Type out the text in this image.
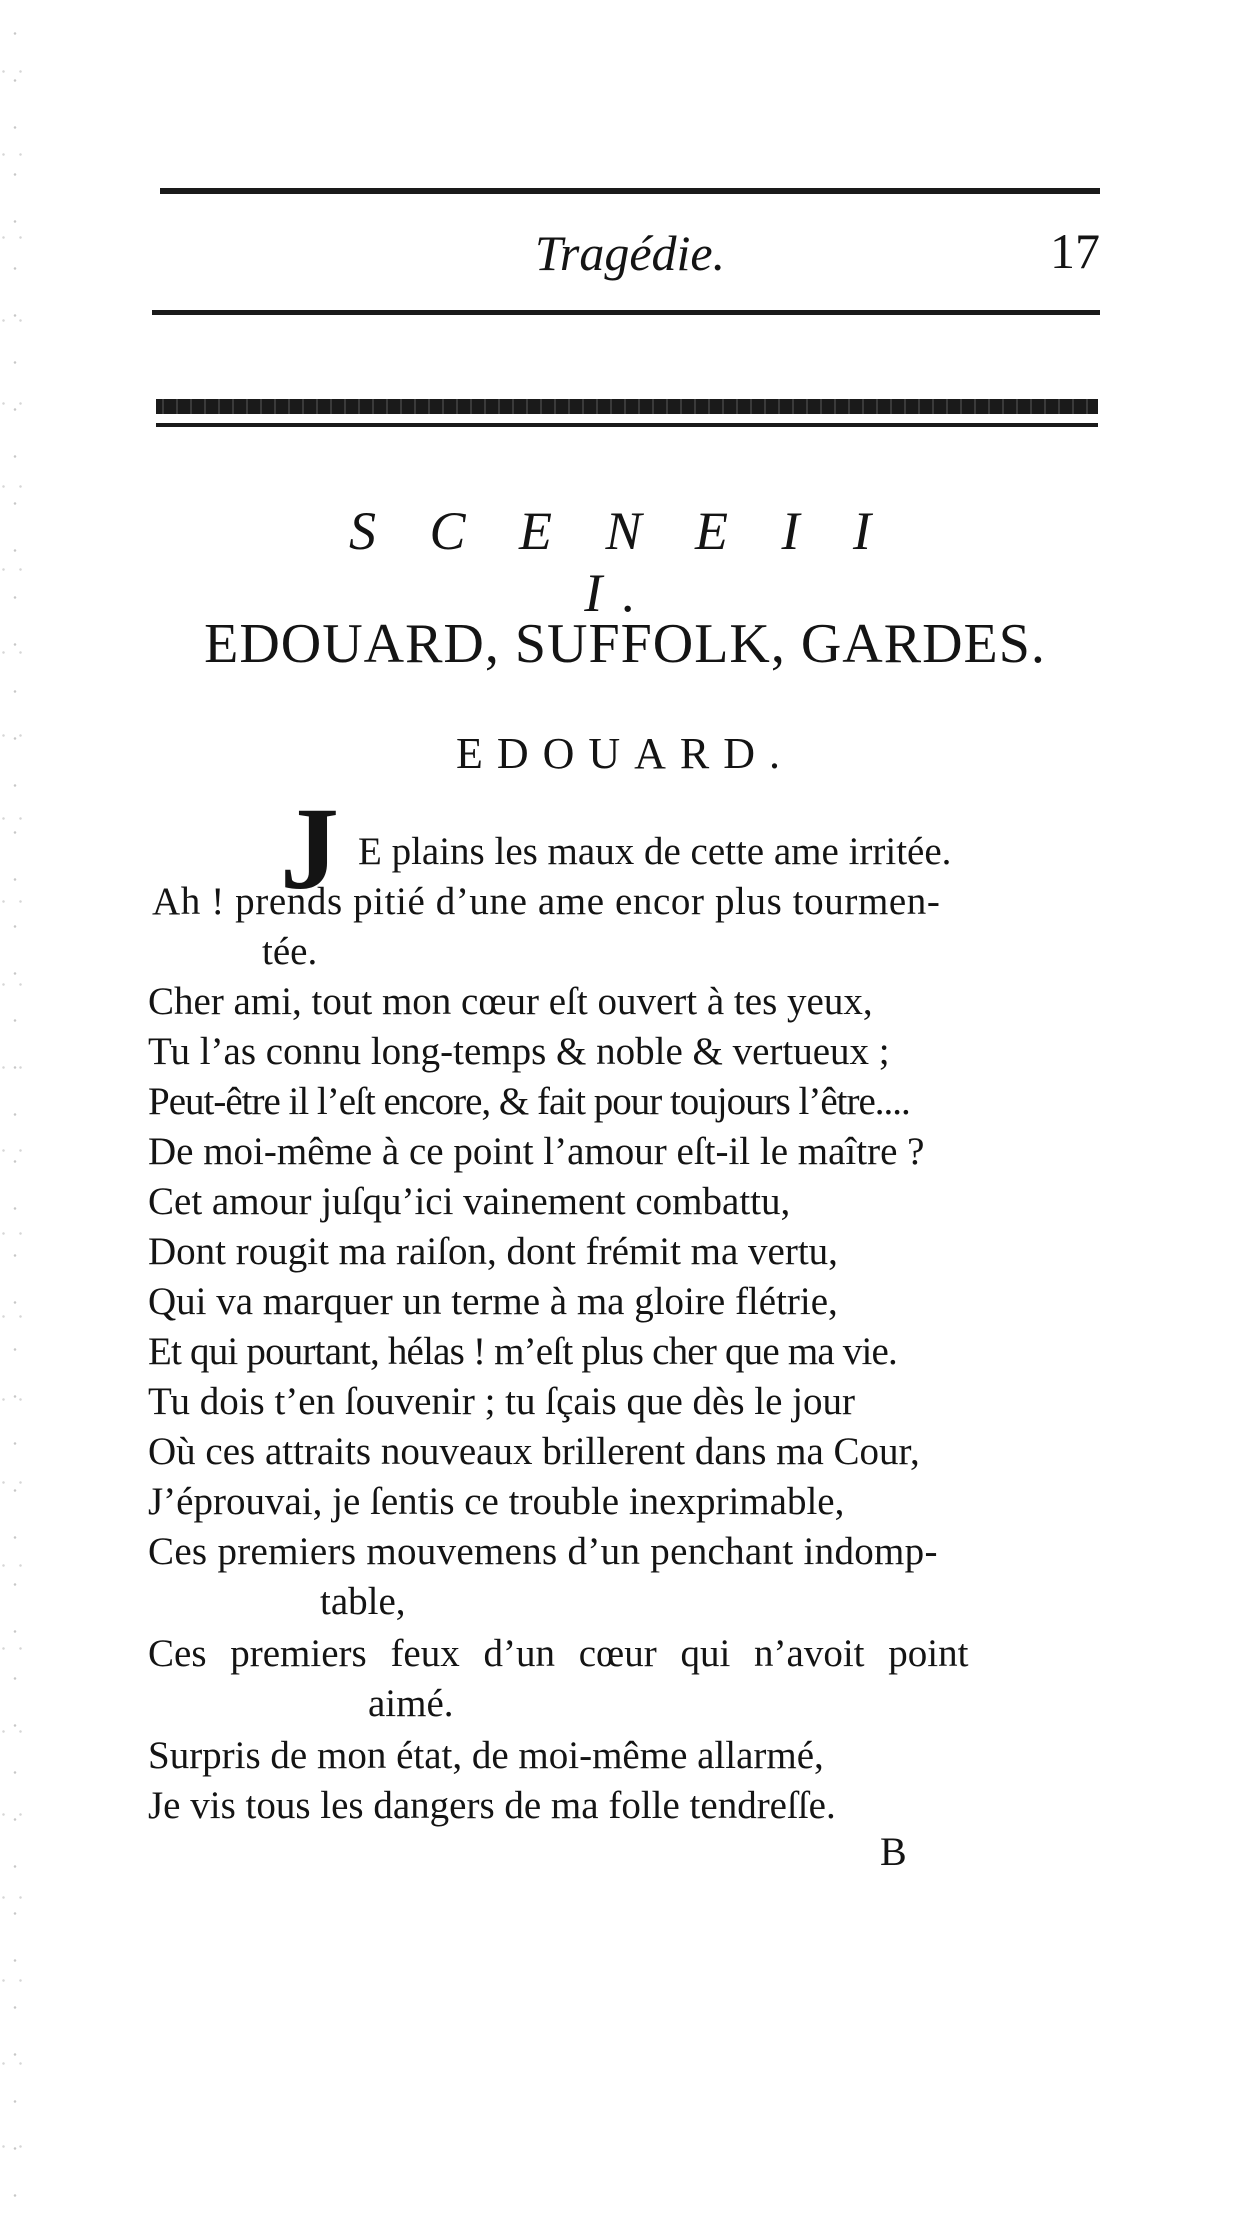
Tragédie.	17
S C E N E I I I.
EDOUARD, SUFFOLK, GARDES.
EDOUARD.
J E plains les maux de cette ame irritée.
Ah ! prends pitié d’une ame encor plus tourmen-
tée.
Cher ami, tout mon cœur eſt ouvert à tes yeux,
Tu l’as connu long-temps & noble & vertueux ;
Peut-être il l’eſt encore, & fait pour toujours l’être....
De moi-même à ce point l’amour eſt-il le maître ?
Cet amour juſqu’ici vainement combattu,
Dont rougit ma raiſon, dont frémit ma vertu,
Qui va marquer un terme à ma gloire flétrie,
Et qui pourtant, hélas ! m’eſt plus cher que ma vie.
Tu dois t’en ſouvenir ; tu ſçais que dès le jour
Où ces attraits nouveaux brillerent dans ma Cour,
J’éprouvai, je ſentis ce trouble inexprimable,
Ces premiers mouvemens d’un penchant indomp-
table,
Ces premiers feux d’un cœur qui n’avoit point
aimé.
Surpris de mon état, de moi-même allarmé,
Je vis tous les dangers de ma folle tendreſſe.
B
